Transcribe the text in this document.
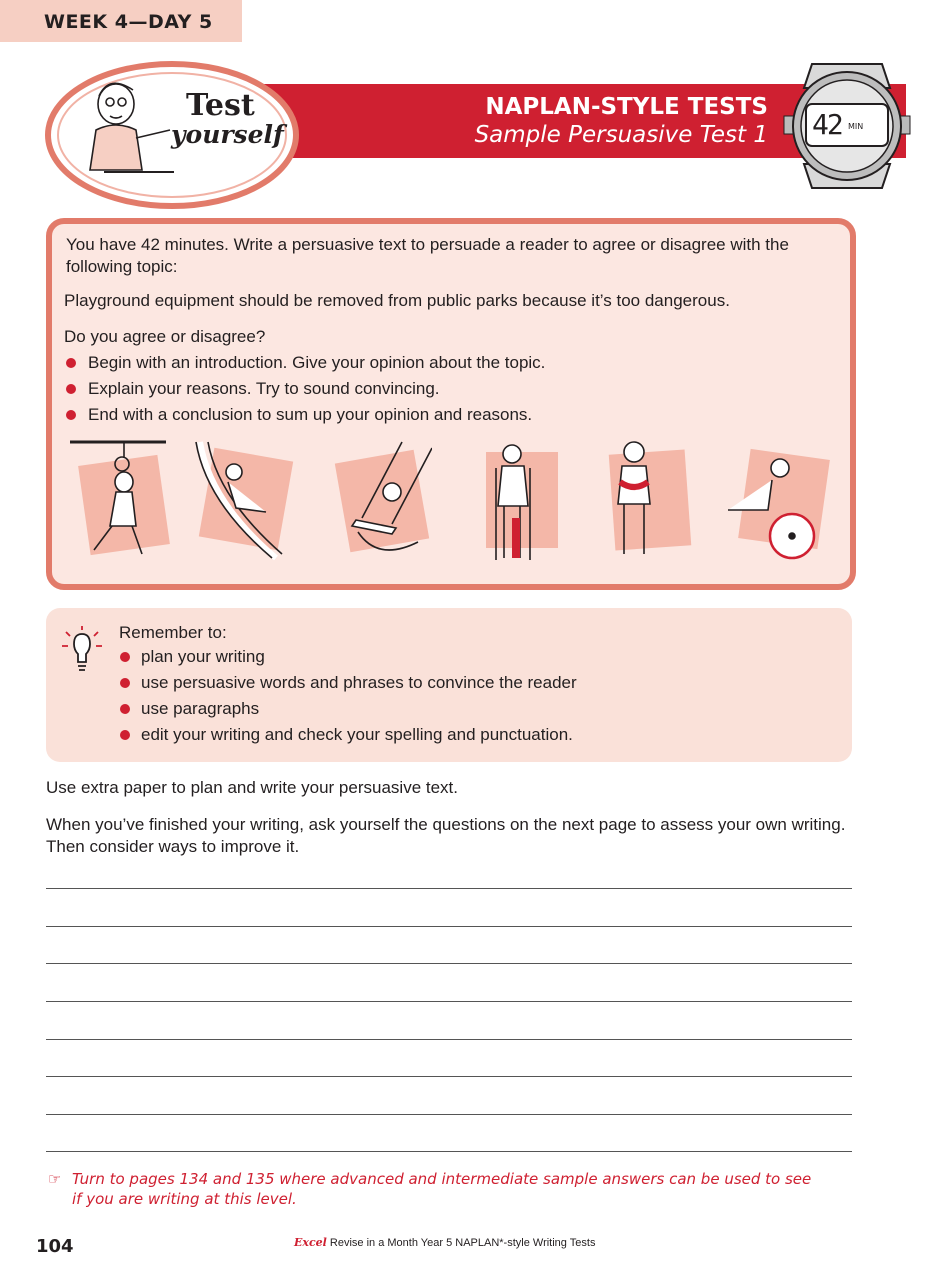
WEEK 4—DAY 5
NAPLAN-STYLE TESTS
Sample Persuasive Test 1
Test
yourself	42 MIN
You have 42 minutes. Write a persuasive text to persuade a reader to agree or disagree with the following topic:
Playground equipment should be removed from public parks because it’s too dangerous.
Do you agree or disagree?
Begin with an introduction. Give your opinion about the topic.
Explain your reasons. Try to sound convincing.
End with a conclusion to sum up your opinion and reasons.
Remember to:
plan your writing
use persuasive words and phrases to convince the reader
use paragraphs
edit your writing and check your spelling and punctuation.
Use extra paper to plan and write your persuasive text.
When you’ve finished your writing, ask yourself the questions on the next page to assess your own writing. Then consider ways to improve it.
☞ Turn to pages 134 and 135 where advanced and intermediate sample answers can be used to see
if you are writing at this level.
104	Excel Revise in a Month Year 5 NAPLAN*-style Writing Tests
